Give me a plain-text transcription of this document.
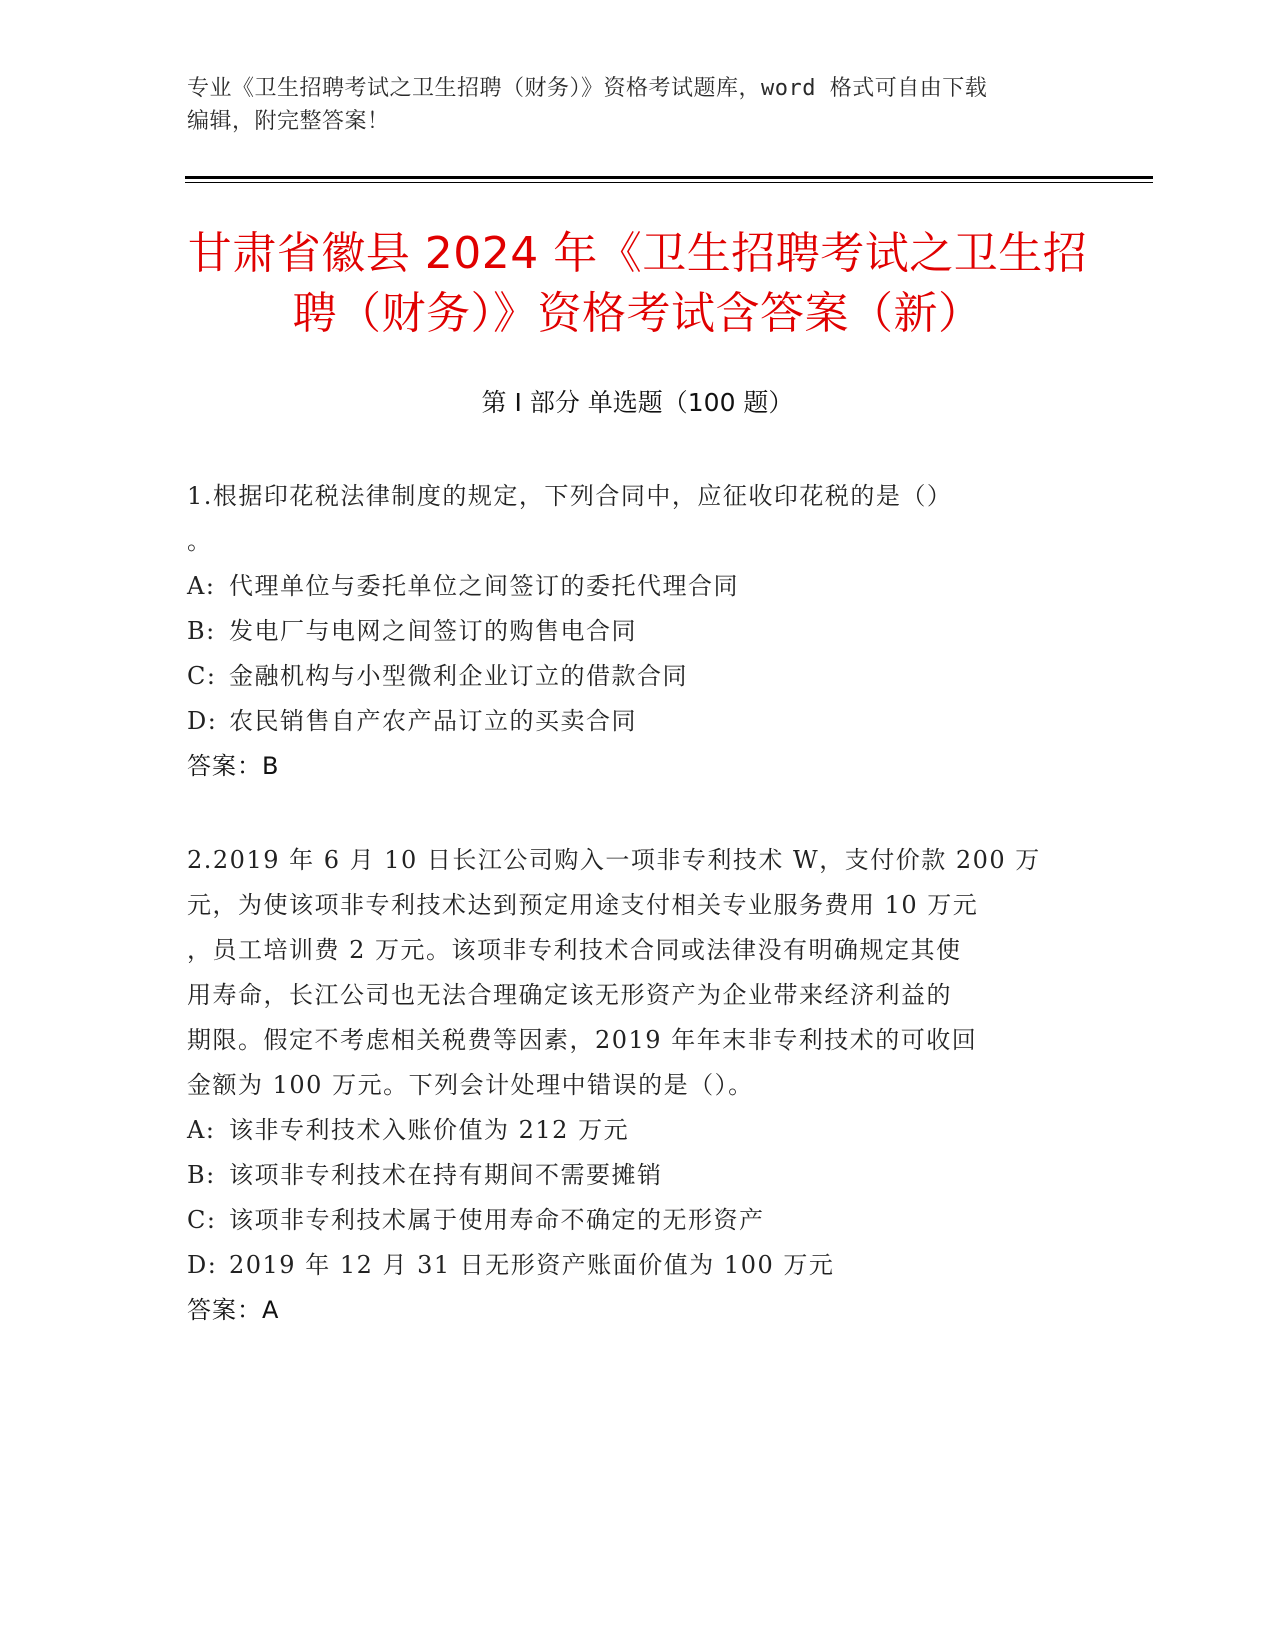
专业《卫生招聘考试之卫生招聘（财务）》资格考试题库，word 格式可自由下载
编辑，附完整答案！
甘肃省徽县 2024 年《卫生招聘考试之卫生招
聘（财务）》资格考试含答案（新）
第 I 部分 单选题（100 题）
1.根据印花税法律制度的规定，下列合同中，应征收印花税的是（）
。
A: 代理单位与委托单位之间签订的委托代理合同
B: 发电厂与电网之间签订的购售电合同
C: 金融机构与小型微利企业订立的借款合同
D: 农民销售自产农产品订立的买卖合同
答案：B
2.2019 年 6 月 10 日长江公司购入一项非专利技术 W，支付价款 200 万
元，为使该项非专利技术达到预定用途支付相关专业服务费用 10 万元
，员工培训费 2 万元。该项非专利技术合同或法律没有明确规定其使
用寿命，长江公司也无法合理确定该无形资产为企业带来经济利益的
期限。假定不考虑相关税费等因素，2019 年年末非专利技术的可收回
金额为 100 万元。下列会计处理中错误的是（）。
A: 该非专利技术入账价值为 212 万元
B: 该项非专利技术在持有期间不需要摊销
C: 该项非专利技术属于使用寿命不确定的无形资产
D: 2019 年 12 月 31 日无形资产账面价值为 100 万元
答案：A
